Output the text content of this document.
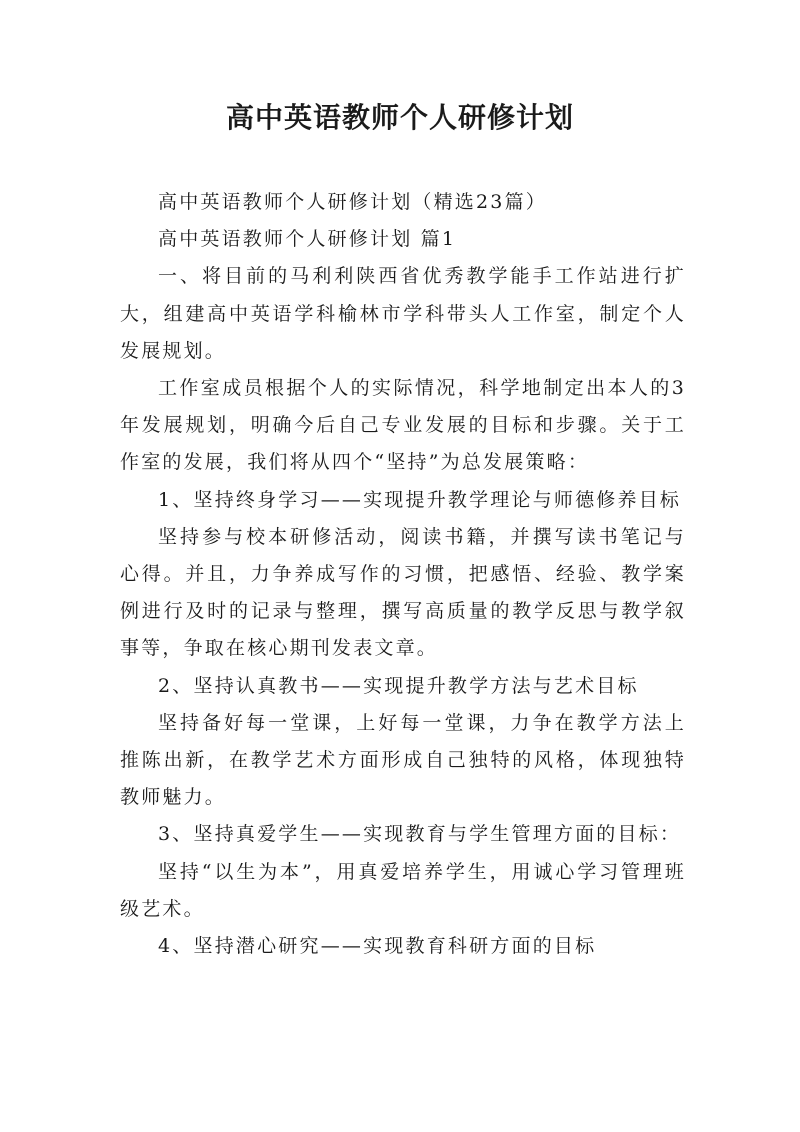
高中英语教师个人研修计划

高中英语教师个人研修计划（精选23篇）

高中英语教师个人研修计划 篇1

一、将目前的马利利陕西省优秀教学能手工作站进行扩大，组建高中英语学科榆林市学科带头人工作室，制定个人发展规划。

工作室成员根据个人的实际情况，科学地制定出本人的3年发展规划，明确今后自己专业发展的目标和步骤。关于工作室的发展，我们将从四个“坚持”为总发展策略：

1、坚持终身学习——实现提升教学理论与师德修养目标

坚持参与校本研修活动，阅读书籍，并撰写读书笔记与心得。并且，力争养成写作的习惯，把感悟、经验、教学案例进行及时的记录与整理，撰写高质量的教学反思与教学叙事等，争取在核心期刊发表文章。

2、坚持认真教书——实现提升教学方法与艺术目标

坚持备好每一堂课，上好每一堂课，力争在教学方法上推陈出新，在教学艺术方面形成自己独特的风格，体现独特教师魅力。

3、坚持真爱学生——实现教育与学生管理方面的目标：

坚持“以生为本”，用真爱培养学生，用诚心学习管理班级艺术。

4、坚持潜心研究——实现教育科研方面的目标
